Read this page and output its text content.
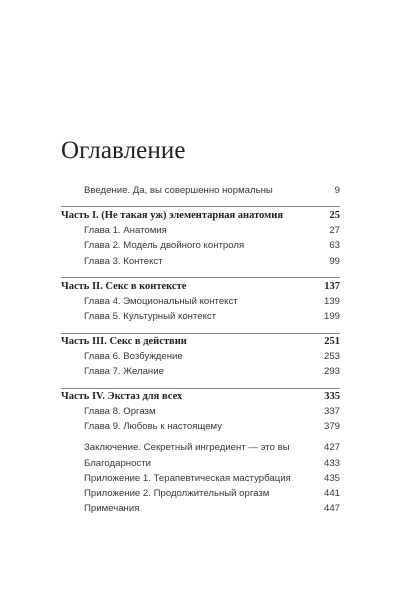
Оглавление
Введение. Да, вы совершенно нормальны	9
Часть I. (Не такая уж) элементарная анатомия	25
Глава 1. Анатомия	27
Глава 2. Модель двойного контроля	63
Глава 3. Контекст	99
Часть II. Секс в контексте	137
Глава 4. Эмоциональный контекст	139
Глава 5. Культурный контекст	199
Часть III. Секс в действии	251
Глава 6. Возбуждение	253
Глава 7. Желание	293
Часть IV. Экстаз для всех	335
Глава 8. Оргазм	337
Глава 9. Любовь к настоящему	379
Заключение. Секретный ингредиент — это вы	427
Благодарности	433
Приложение 1. Терапевтическая мастурбация	435
Приложение 2. Продолжительный оргазм	441
Примечания	447
